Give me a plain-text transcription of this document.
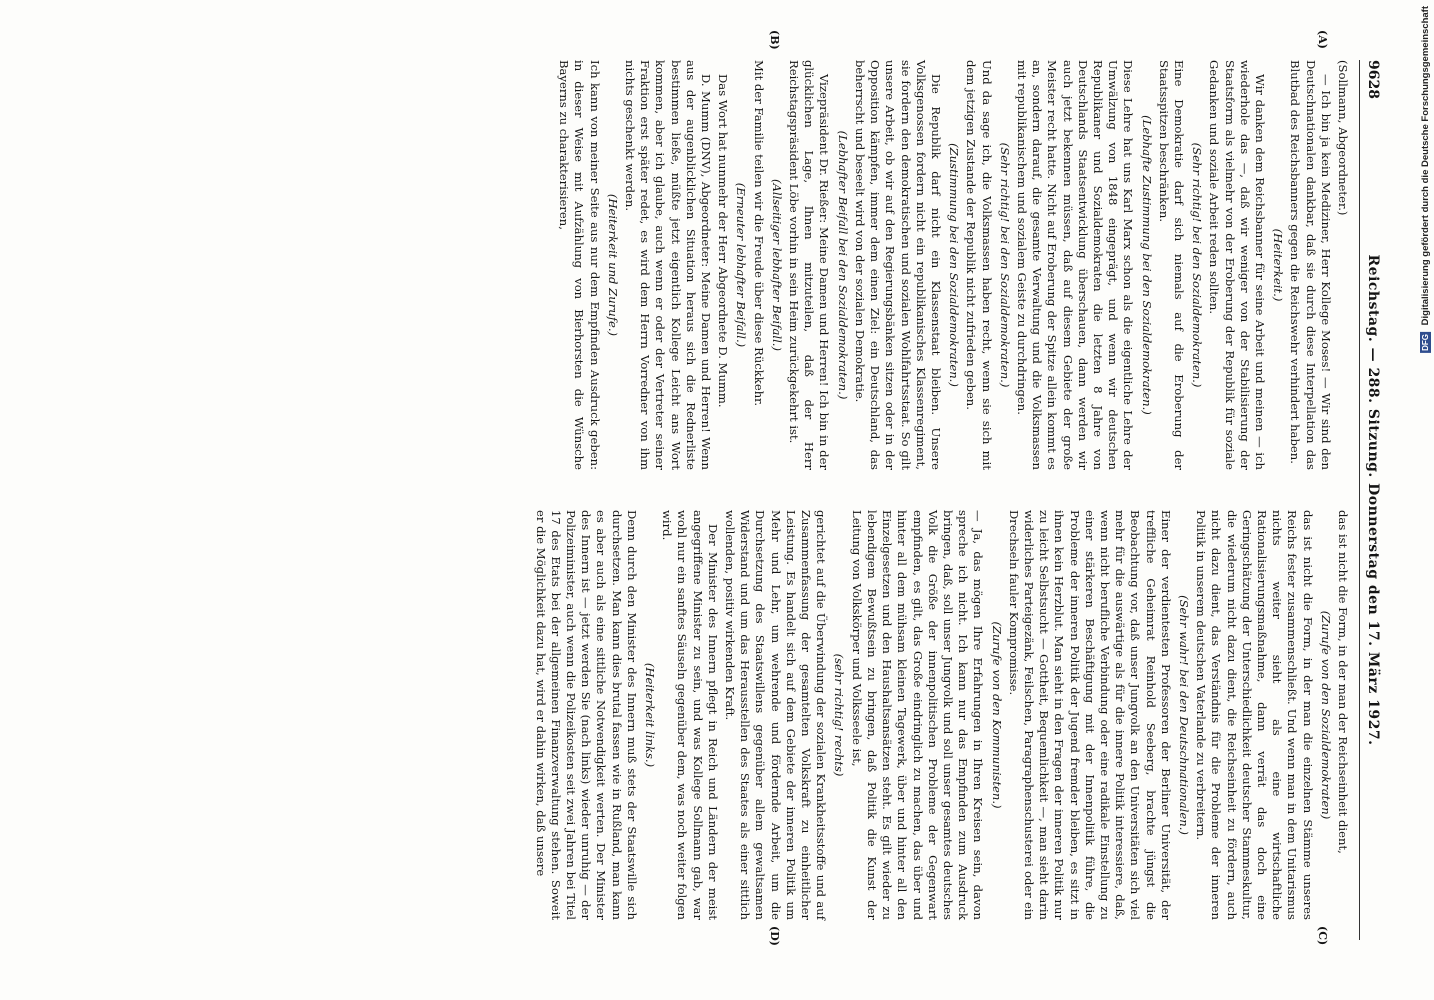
9628
Reichstag. — 288. Sitzung. Donnerstag den 17. März 1927.
(A)
(B)
(C)
(D)

(Sollmann, Abgeordneter.)

— Ich bin ja kein Mediziner, Herr Kollege Moses! — Wir sind den Deutschnationalen dankbar, daß sie durch diese Interpellation das Blutbad des Reichsbanners gegen die Reichswehr verhindert haben.

(Heiterkeit.)

Wir danken dem Reichsbanner für seine Arbeit und meinen — ich wiederhole das —, daß wir weniger von der Stabilisierung der Staatsform als vielmehr von der Eroberung der Republik für soziale Gedanken und soziale Arbeit reden sollten.

(Sehr richtig! bei den Sozialdemokraten.)

Eine Demokratie darf sich niemals auf die Eroberung der Staatsspitzen beschränken.

(Lebhafte Zustimmung bei den Sozialdemokraten.)

Diese Lehre hat uns Karl Marx schon als die eigentliche Lehre der Umwälzung von 1848 eingeprägt, und wenn wir deutschen Republikaner und Sozialdemokraten die letzten 8 Jahre von Deutschlands Staatsentwicklung überschauen, dann werden wir auch jetzt bekennen müssen, daß auf diesem Gebiete der große Meister recht hatte. Nicht auf Eroberung der Spitze allein kommt es an, sondern darauf, die gesamte Verwaltung und die Volksmassen mit republikanischem und sozialem Geiste zu durchdringen.

(Sehr richtig! bei den Sozialdemokraten.)

Und da sage ich, die Volksmassen haben recht, wenn sie sich mit dem jetzigen Zustande der Republik nicht zufrieden geben.

(Zustimmung bei den Sozialdemokraten.)

Die Republik darf nicht ein Klassenstaat bleiben. Unsere Volksgenossen fordern nicht ein republikanisches Klassenregiment, sie fordern den demokratischen und sozialen Wohlfahrtsstaat. So gilt unsere Arbeit, ob wir auf den Regierungsbänken sitzen oder in der Opposition kämpfen, immer dem einen Ziel: ein Deutschland, das beherrscht und beseelt wird von der sozialen Demokratie.

(Lebhafter Beifall bei den Sozialdemokraten.)

Vizepräsident Dr. Rießer: Meine Damen und Herren! Ich bin in der glücklichen Lage, Ihnen mitzuteilen, daß der Herr Reichstagspräsident Löbe vorhin in sein Heim zurückgekehrt ist.

(Allseitiger lebhafter Beifall.)

Mit der Familie teilen wir die Freude über diese Rückkehr.

(Erneuter lebhafter Beifall.)

Das Wort hat nunmehr der Herr Abgeordnete D. Mumm.

D. Mumm (DNV), Abgeordneter: Meine Damen und Herren! Wenn aus der augenblicklichen Situation heraus sich die Rednerliste bestimmen ließe, müßte jetzt eigentlich Kollege Leicht ans Wort kommen, aber ich glaube, auch wenn er oder der Vertreter seiner Fraktion erst später redet, es wird dem Herrn Vorredner von ihm nichts geschenkt werden.

(Heiterkeit und Zurufe.)

Ich kann von meiner Seite aus nur dem Empfinden Ausdruck geben: in dieser Weise mit Aufzählung von Bierhorsten die Wünsche Bayerns zu charakterisieren,

das ist nicht die Form, in der man der Reichseinheit dient,

(Zurufe von den Sozialdemokraten)

das ist nicht die Form, in der man die einzelnen Stämme unseres Reichs fester zusammenschließt. Und wenn man in dem Unitarismus nichts weiter sieht als eine wirtschaftliche Rationalisierungsmaßnahme, dann verrät das doch eine Geringschätzung der Unterschiedlichkeit deutscher Stammeskultur, die wiederum nicht dazu dient, die Reichseinheit zu fördern, auch nicht dazu dient, das Verständnis für die Probleme der inneren Politik in unserem deutschen Vaterlande zu verbreitern.

(Sehr wahr! bei den Deutschnationalen.)

Einer der verdientesten Professoren der Berliner Universität, der treffliche Geheimrat Reinhold Seeberg, brachte jüngst die Beobachtung vor, daß unser Jungvolk an den Universitäten sich viel mehr für die auswärtige als für die innere Politik interessiere, daß, wenn nicht berufliche Verbindung oder eine radikale Einstellung zu einer stärkeren Beschäftigung mit der Innenpolitik führe, die Probleme der inneren Politik der Jugend fremder bleiben, es sitzt in ihnen kein Herzblut. Man sieht in den Fragen der inneren Politik nur zu leicht Selbstsucht — Gottheit, Bequemlichkeit —, man sieht darin widerliches Parteigezänk, Feilschen, Paragraphenschusterei oder ein Drechseln fauler Kompromisse.

(Zurufe von den Kommunisten.)

— Ja, das mögen Ihre Erfahrungen in Ihren Kreisen sein, davon spreche ich nicht. Ich kann nur das Empfinden zum Ausdruck bringen, daß, soll unser Jungvolk und soll unser gesamtes deutsches Volk die Größe der innenpolitischen Probleme der Gegenwart empfinden, es gilt, das Große eindringlich zu machen, das über und hinter all dem mühsam kleinen Tagewerk, über und hinter all den Einzelgesetzen und den Haushaltsansätzen steht. Es gilt wieder zu lebendigem Bewußtsein zu bringen, daß Politik die Kunst der Leitung von Volkskörper und Volksseele ist,

(sehr richtig! rechts)

gerichtet auf die Überwindung der sozialen Krankheitsstoffe und auf Zusammenfassung der gesamtelten Volkskraft zu einheitlicher Leistung. Es handelt sich auf dem Gebiete der inneren Politik um Mehr und Lehr, um wehrende und fördernde Arbeit, um die Durchsetzung des Staatswillens gegenüber allem gewaltsamen Widerstand und um das Herausstellen des Staates als einer sittlich wollenden, positiv wirkenden Kraft.

Der Minister des Innern pflegt in Reich und Ländern der meist angegriffene Minister zu sein, und was Kollege Sollmann gab, war wohl nur ein sanftes Säuseln gegenüber dem, was noch weiter folgen wird.

(Heiterkeit links.)

Denn durch den Minister des Innern muß stets der Staatswille sich durchsetzen. Man kann dies brutal fassen wie in Rußland, man kann es aber auch als eine sittliche Notwendigkeit werten. Der Minister des Innern ist — jetzt werden Sie (nach links) wieder unruhig — der Polizeiminister, auch wenn die Polizeikosten seit zwei Jahren bei Titel 17 des Etats bei der allgemeinen Finanzverwaltung stehen. Soweit er die Möglichkeit dazu hat, wird er dahin wirken, daß unsere

DFG Digitalisierung gefördert durch die Deutsche Forschungsgemeinschaft
